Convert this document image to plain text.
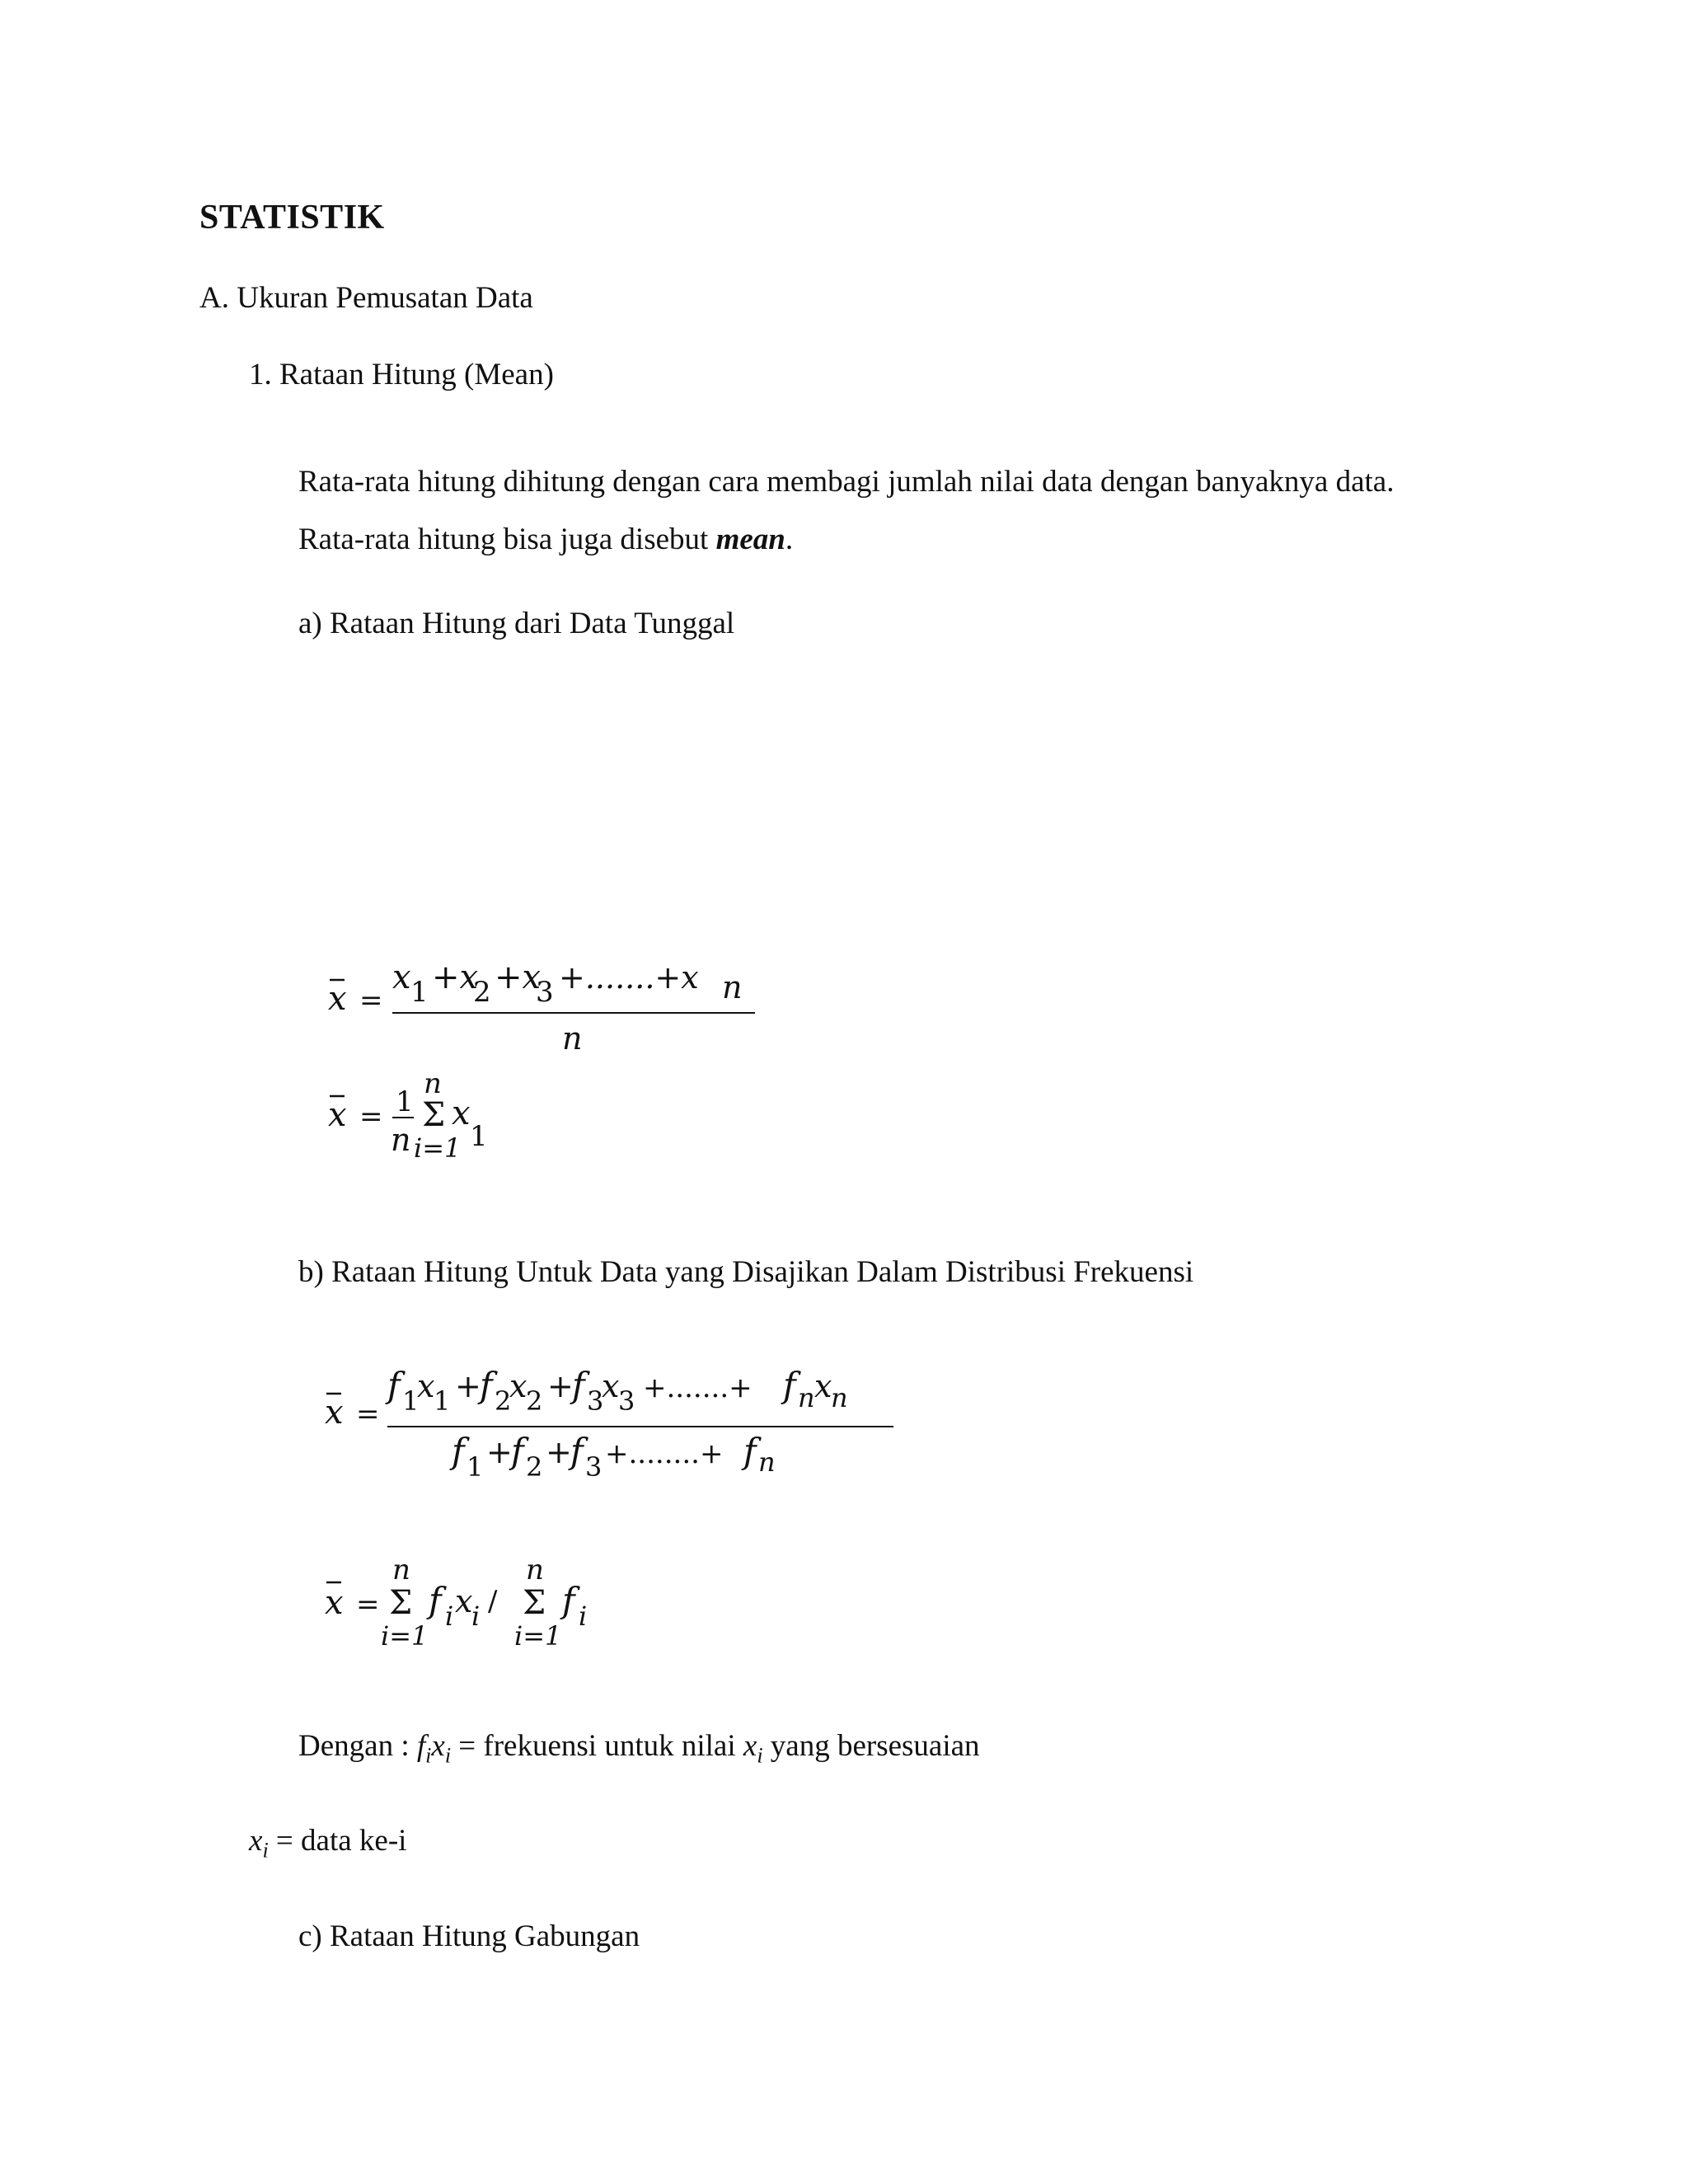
STATISTIK
A. Ukuran Pemusatan Data
1. Rataan Hitung (Mean)
Rata-rata hitung dihitung dengan cara membagi jumlah nilai data dengan banyaknya data.
Rata-rata hitung bisa juga disebut mean.
a) Rataan Hitung dari Data Tunggal
x =
x 1 +x
2 +x
3 +.......+x n
n
x = 1
n
n
Σ
i=1
x
1
b) Rataan Hitung Untuk Data yang Disajikan Dalam Distribusi Frekuensi
x =
f 1
x
1 +
f 2
x
2 +
f 3
x
3 +.......+ f n x
n
f 1 +
f 2 +
f 3 +........+ f n
x =
n
Σ
i=1
f i x
i /
n
Σ
i=1
f i
Dengan : $f_ix_i$ = frekuensi untuk nilai $x_i$ yang bersesuaian
$x_i$ = data ke-i
c) Rataan Hitung Gabungan
